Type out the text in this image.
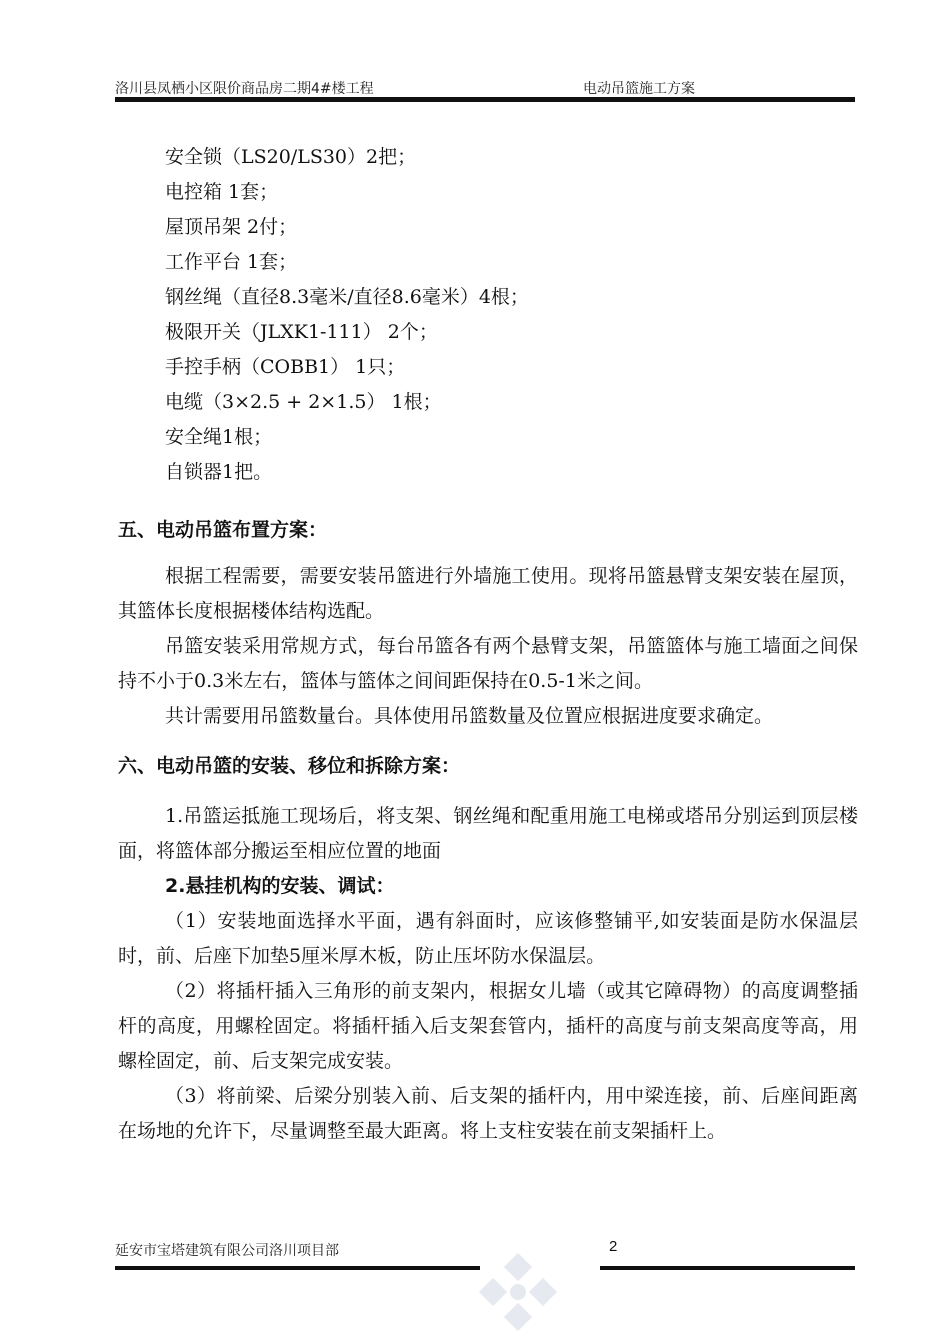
洛川县凤栖小区限价商品房二期4#楼工程	电动吊篮施工方案
安全锁（LS20/LS30）2把；
电控箱 1套；
屋顶吊架 2付；
工作平台 1套；
钢丝绳（直径8.3毫米/直径8.6毫米）4根；
极限开关（JLXK1-111） 2个；
手控手柄（COBB1） 1只；
电缆（3×2.5 + 2×1.5） 1根；
安全绳1根；
自锁器1把。
五、电动吊篮布置方案：

根据工程需要，需要安装吊篮进行外墙施工使用。现将吊篮悬臂支架安装在屋顶，其篮体长度根据楼体结构选配。

吊篮安装采用常规方式，每台吊篮各有两个悬臂支架，吊篮篮体与施工墙面之间保持不小于0.3米左右，篮体与篮体之间间距保持在0.5-1米之间。

共计需要用吊篮数量台。具体使用吊篮数量及位置应根据进度要求确定。

六、电动吊篮的安装、移位和拆除方案：

1.吊篮运抵施工现场后，将支架、钢丝绳和配重用施工电梯或塔吊分别运到顶层楼面，将篮体部分搬运至相应位置的地面

2.悬挂机构的安装、调试：

（1）安装地面选择水平面，遇有斜面时，应该修整铺平,如安装面是防水保温层时，前、后座下加垫5厘米厚木板，防止压坏防水保温层。

（2）将插杆插入三角形的前支架内，根据女儿墙（或其它障碍物）的高度调整插杆的高度，用螺栓固定。将插杆插入后支架套管内，插杆的高度与前支架高度等高，用螺栓固定，前、后支架完成安装。

（3）将前梁、后梁分别装入前、后支架的插杆内，用中梁连接，前、后座间距离在场地的允许下，尽量调整至最大距离。将上支柱安装在前支架插杆上。

延安市宝塔建筑有限公司洛川项目部	2
